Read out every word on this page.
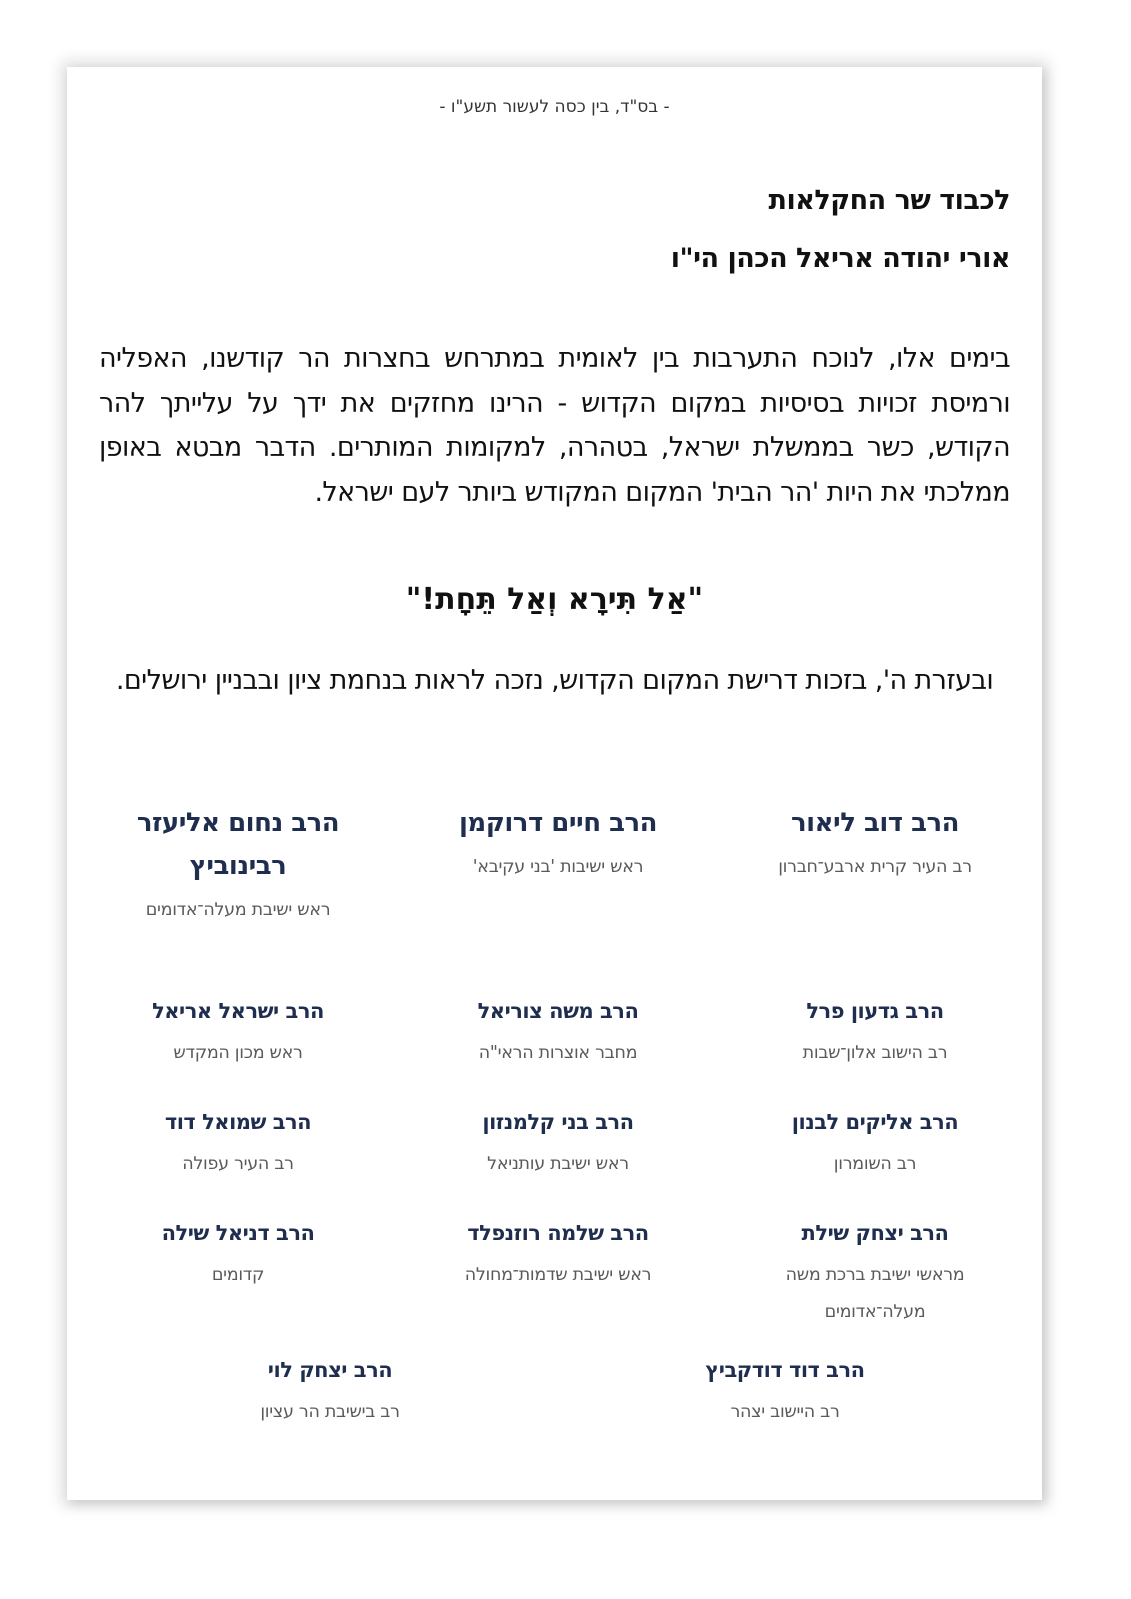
- בס"ד, בין כסה לעשור תשע"ו -
לכבוד שר החקלאות
אורי יהודה אריאל הכהן הי"ו
בימים אלו, לנוכח התערבות בין לאומית במתרחש בחצרות הר קודשנו, האפליה ורמיסת זכויות בסיסיות במקום הקדוש - הרינו מחזקים את ידך על עלייתך להר הקודש, כשר בממשלת ישראל, בטהרה, למקומות המותרים. הדבר מבטא באופן ממלכתי את היות 'הר הבית' המקום המקודש ביותר לעם ישראל.
"אַל תִּירָא וְאַל תֵּחָת!"
ובעזרת ה', בזכות דרישת המקום הקדוש, נזכה לראות בנחמת ציון ובבניין ירושלים.
הרב דוב ליאור
רב העיר קרית ארבע־חברון
הרב חיים דרוקמן
ראש ישיבות 'בני עקיבא'
הרב נחום אליעזר רבינוביץ
ראש ישיבת מעלה־אדומים
הרב גדעון פרל
רב הישוב אלון־שבות
הרב משה צוריאל
מחבר אוצרות הראי"ה
הרב ישראל אריאל
ראש מכון המקדש
הרב אליקים לבנון
רב השומרון
הרב בני קלמנזון
ראש ישיבת עותניאל
הרב שמואל דוד
רב העיר עפולה
הרב יצחק שילת
מראשי ישיבת ברכת משה מעלה־אדומים
הרב שלמה רוזנפלד
ראש ישיבת שדמות־מחולה
הרב דניאל שילה
קדומים
הרב דוד דודקביץ
רב היישוב יצהר
הרב יצחק לוי
רב בישיבת הר עציון
